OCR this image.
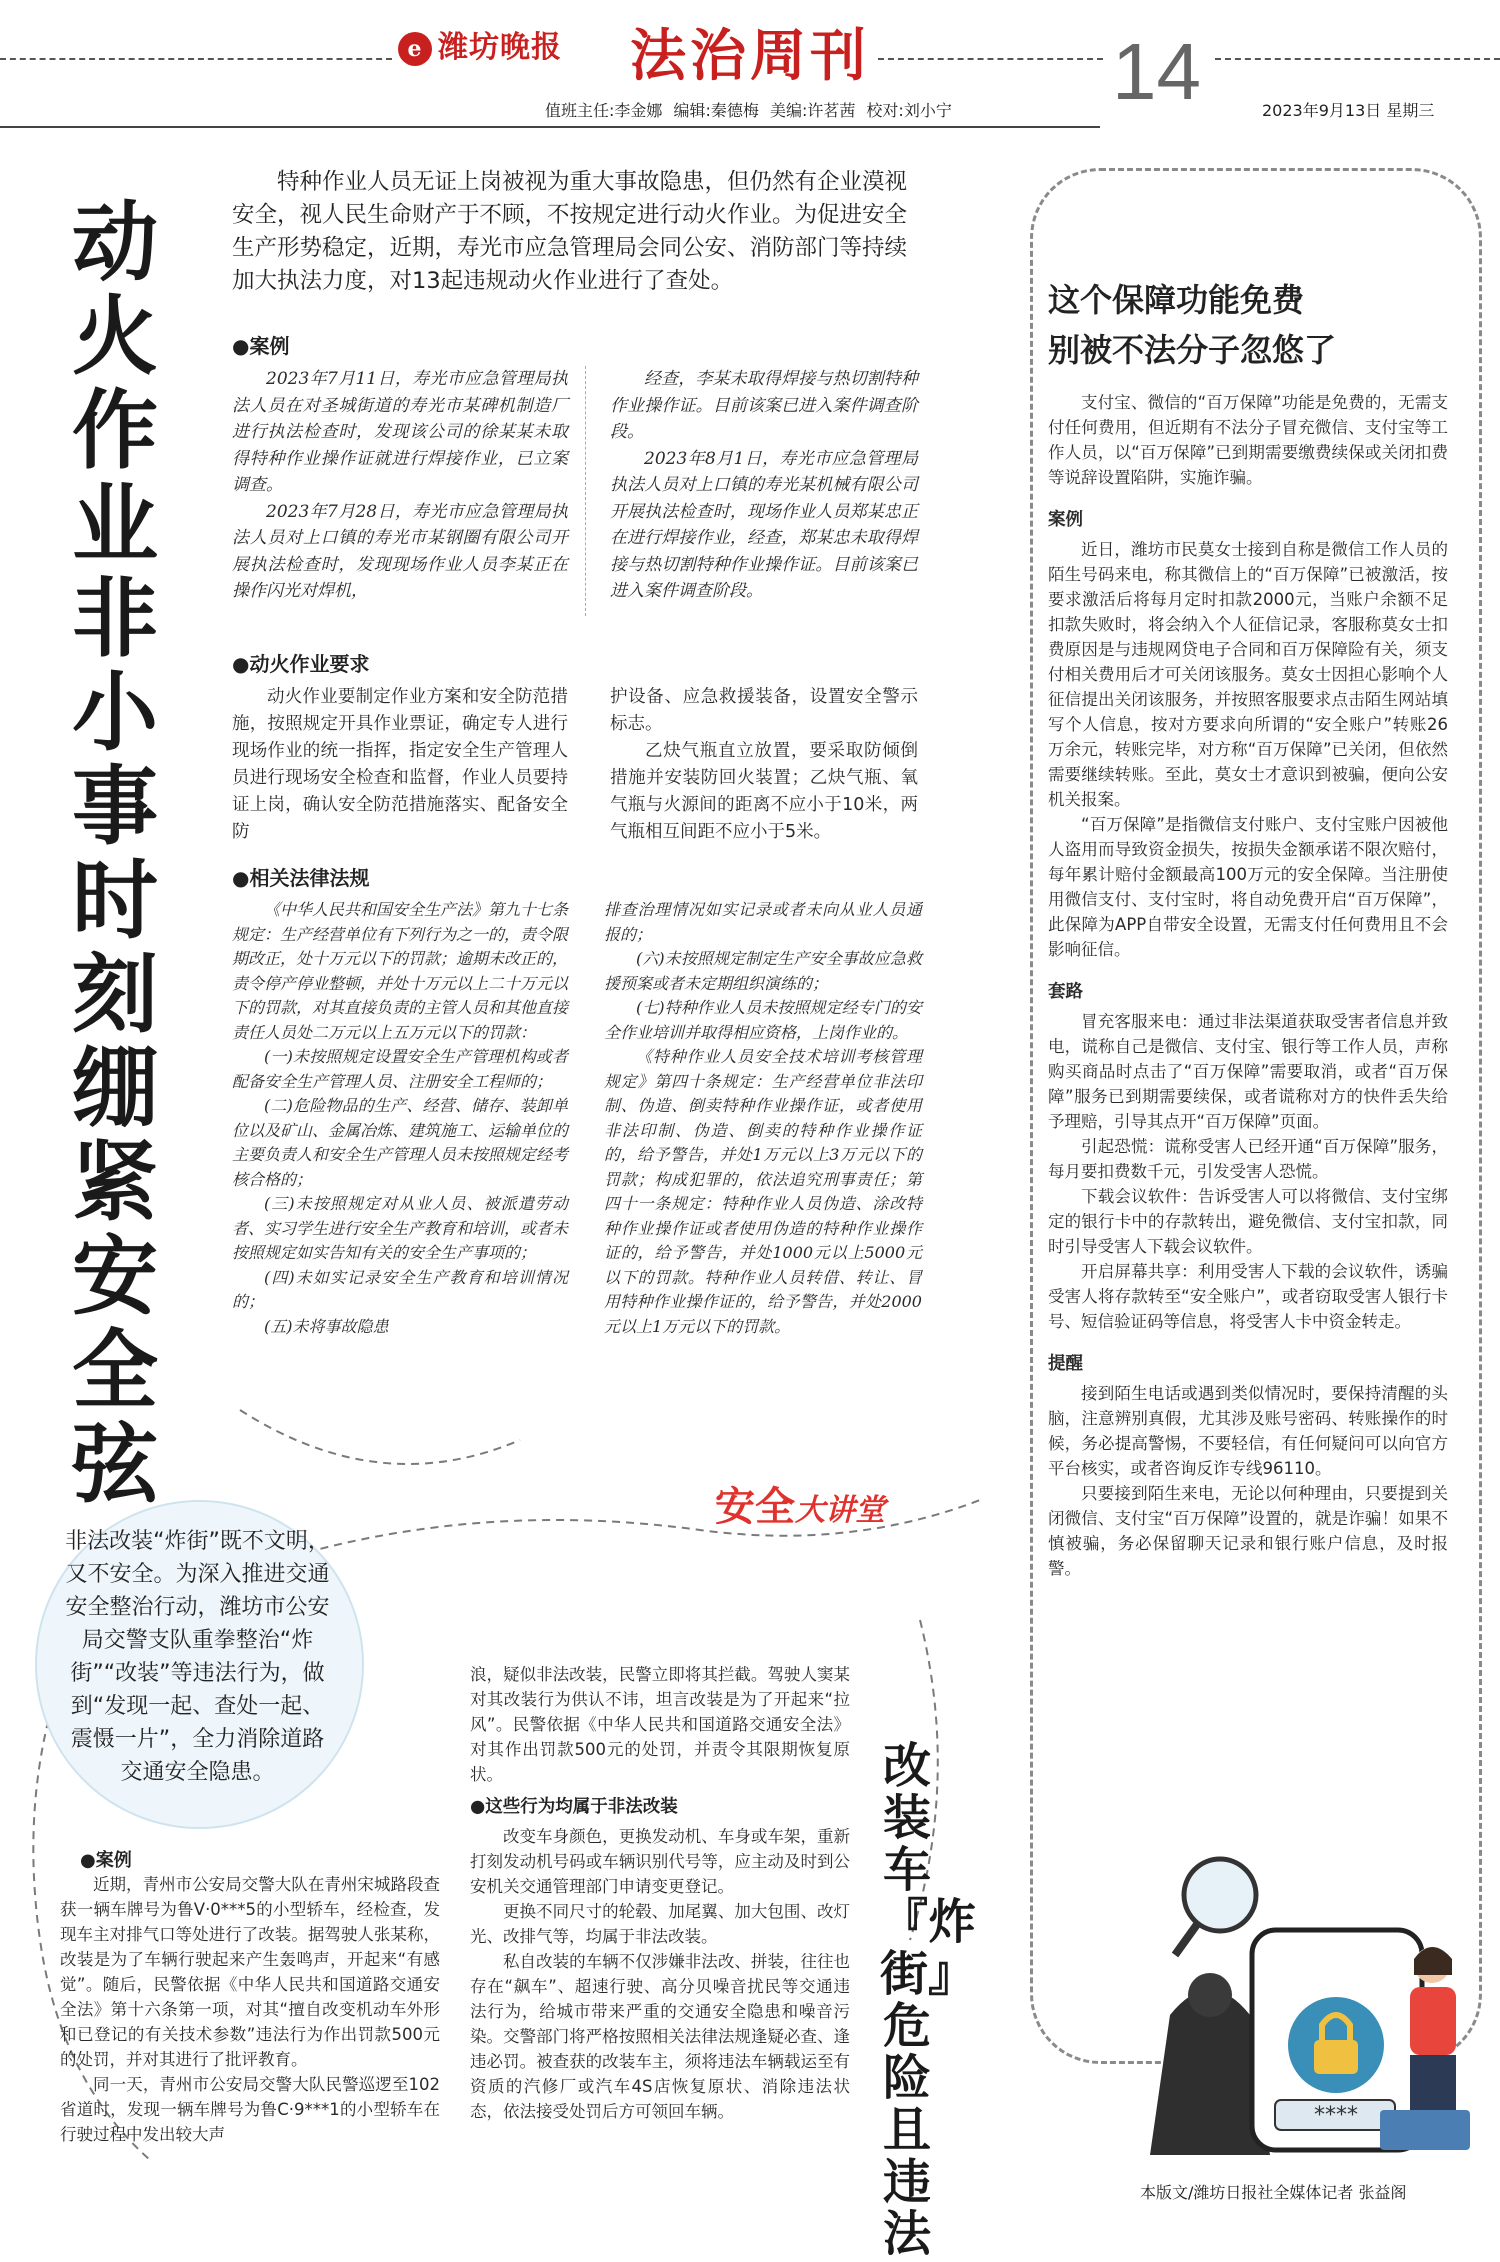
e 潍坊晚报 法治周刊	14
值班主任:李金娜 编辑:秦德梅 美编:许茗茜 校对:刘小宁	2023年9月13日 星期三
动火作业非小事 时刻绷紧安全弦
特种作业人员无证上岗被视为重大事故隐患，但仍然有企业漠视安全，视人民生命财产于不顾，不按规定进行动火作业。为促进安全生产形势稳定，近期，寿光市应急管理局会同公安、消防部门等持续加大执法力度，对13起违规动火作业进行了查处。
●案例

2023年7月11日，寿光市应急管理局执法人员在对圣城街道的寿光市某碑机制造厂进行执法检查时，发现该公司的徐某某未取得特种作业操作证就进行焊接作业，已立案调查。

2023年7月28日，寿光市应急管理局执法人员对上口镇的寿光市某钢圈有限公司开展执法检查时，发现现场作业人员李某正在操作闪光对焊机，

经查，李某未取得焊接与热切割特种作业操作证。目前该案已进入案件调查阶段。

2023年8月1日，寿光市应急管理局执法人员对上口镇的寿光某机械有限公司开展执法检查时，现场作业人员郑某忠正在进行焊接作业，经查，郑某忠未取得焊接与热切割特种作业操作证。目前该案已进入案件调查阶段。

●动火作业要求

动火作业要制定作业方案和安全防范措施，按照规定开具作业票证，确定专人进行现场作业的统一指挥，指定安全生产管理人员进行现场安全检查和监督，作业人员要持证上岗，确认安全防范措施落实、配备安全防

护设备、应急救援装备，设置安全警示标志。

乙炔气瓶直立放置，要采取防倾倒措施并安装防回火装置；乙炔气瓶、氧气瓶与火源间的距离不应小于10米，两气瓶相互间距不应小于5米。

●相关法律法规

《中华人民共和国安全生产法》第九十七条规定：生产经营单位有下列行为之一的，责令限期改正，处十万元以下的罚款；逾期未改正的，责令停产停业整顿，并处十万元以上二十万元以下的罚款，对其直接负责的主管人员和其他直接责任人员处二万元以上五万元以下的罚款：

(一)未按照规定设置安全生产管理机构或者配备安全生产管理人员、注册安全工程师的；

(二)危险物品的生产、经营、储存、装卸单位以及矿山、金属冶炼、建筑施工、运输单位的主要负责人和安全生产管理人员未按照规定经考核合格的；

(三)未按照规定对从业人员、被派遣劳动者、实习学生进行安全生产教育和培训，或者未按照规定如实告知有关的安全生产事项的；

(四)未如实记录安全生产教育和培训情况的；

(五)未将事故隐患

排查治理情况如实记录或者未向从业人员通报的；

(六)未按照规定制定生产安全事故应急救援预案或者未定期组织演练的；

(七)特种作业人员未按照规定经专门的安全作业培训并取得相应资格，上岗作业的。

《特种作业人员安全技术培训考核管理规定》第四十条规定：生产经营单位非法印制、伪造、倒卖特种作业操作证，或者使用非法印制、伪造、倒卖的特种作业操作证的，给予警告，并处1万元以上3万元以下的罚款；构成犯罪的，依法追究刑事责任；第四十一条规定：特种作业人员伪造、涂改特种作业操作证或者使用伪造的特种作业操作证的，给予警告，并处1000元以上5000元以下的罚款。特种作业人员转借、转让、冒用特种作业操作证的，给予警告，并处2000元以上1万元以下的罚款。

这个保障功能免费
别被不法分子忽悠了

支付宝、微信的“百万保障”功能是免费的，无需支付任何费用，但近期有不法分子冒充微信、支付宝等工作人员，以“百万保障”已到期需要缴费续保或关闭扣费等说辞设置陷阱，实施诈骗。

案例

近日，潍坊市民莫女士接到自称是微信工作人员的陌生号码来电，称其微信上的“百万保障”已被激活，按要求激活后将每月定时扣款2000元，当账户余额不足扣款失败时，将会纳入个人征信记录，客服称莫女士扣费原因是与违规网贷电子合同和百万保障险有关，须支付相关费用后才可关闭该服务。莫女士因担心影响个人征信提出关闭该服务，并按照客服要求点击陌生网站填写个人信息，按对方要求向所谓的“安全账户”转账26万余元，转账完毕，对方称“百万保障”已关闭，但依然需要继续转账。至此，莫女士才意识到被骗，便向公安机关报案。

“百万保障”是指微信支付账户、支付宝账户因被他人盗用而导致资金损失，按损失金额承诺不限次赔付，每年累计赔付金额最高100万元的安全保障。当注册使用微信支付、支付宝时，将自动免费开启“百万保障”，此保障为APP自带安全设置，无需支付任何费用且不会影响征信。

套路

冒充客服来电：通过非法渠道获取受害者信息并致电，谎称自己是微信、支付宝、银行等工作人员，声称购买商品时点击了“百万保障”需要取消，或者“百万保障”服务已到期需要续保，或者谎称对方的快件丢失给予理赔，引导其点开“百万保障”页面。

引起恐慌：谎称受害人已经开通“百万保障”服务，每月要扣费数千元，引发受害人恐慌。

下载会议软件：告诉受害人可以将微信、支付宝绑定的银行卡中的存款转出，避免微信、支付宝扣款，同时引导受害人下载会议软件。

开启屏幕共享：利用受害人下载的会议软件，诱骗受害人将存款转至“安全账户”，或者窃取受害人银行卡号、短信验证码等信息，将受害人卡中资金转走。

提醒

接到陌生电话或遇到类似情况时，要保持清醒的头脑，注意辨别真假，尤其涉及账号密码、转账操作的时候，务必提高警惕，不要轻信，有任何疑问可以向官方平台核实，或者咨询反诈专线96110。

只要接到陌生来电，无论以何种理由，只要提到关闭微信、支付宝“百万保障”设置的，就是诈骗！如果不慎被骗，务必保留聊天记录和银行账户信息，及时报警。

****
安全大讲堂
非法改装“炸街”既不文明，又不安全。为深入推进交通安全整治行动，潍坊市公安局交警支队重拳整治“炸街”“改装”等违法行为，做到“发现一起、查处一起、震慑一片”，全力消除道路交通安全隐患。
●案例

近期，青州市公安局交警大队在青州宋城路段查获一辆车牌号为鲁V·0***5的小型轿车，经检查，发现车主对排气口等处进行了改装。据驾驶人张某称，改装是为了车辆行驶起来产生轰鸣声，开起来“有感觉”。随后，民警依据《中华人民共和国道路交通安全法》第十六条第一项，对其“擅自改变机动车外形和已登记的有关技术参数”违法行为作出罚款500元的处罚，并对其进行了批评教育。

同一天，青州市公安局交警大队民警巡逻至102省道时，发现一辆车牌号为鲁C·9***1的小型轿车在行驶过程中发出较大声

浪，疑似非法改装，民警立即将其拦截。驾驶人窦某对其改装行为供认不讳，坦言改装是为了开起来“拉风”。民警依据《中华人民共和国道路交通安全法》对其作出罚款500元的处罚，并责令其限期恢复原状。

●这些行为均属于非法改装

改变车身颜色，更换发动机、车身或车架，重新打刻发动机号码或车辆识别代号等，应主动及时到公安机关交通管理部门申请变更登记。

更换不同尺寸的轮毂、加尾翼、加大包围、改灯光、改排气等，均属于非法改装。

私自改装的车辆不仅涉嫌非法改、拼装，往往也存在“飙车”、超速行驶、高分贝噪音扰民等交通违法行为，给城市带来严重的交通安全隐患和噪音污染。交警部门将严格按照相关法律法规逢疑必查、逢违必罚。被查获的改装车主，须将违法车辆载运至有资质的汽修厂或汽车4S店恢复原状、消除违法状态，依法接受处罚后方可领回车辆。

改装车『炸街』危险且违法
本版文/潍坊日报社全媒体记者 张益阁
